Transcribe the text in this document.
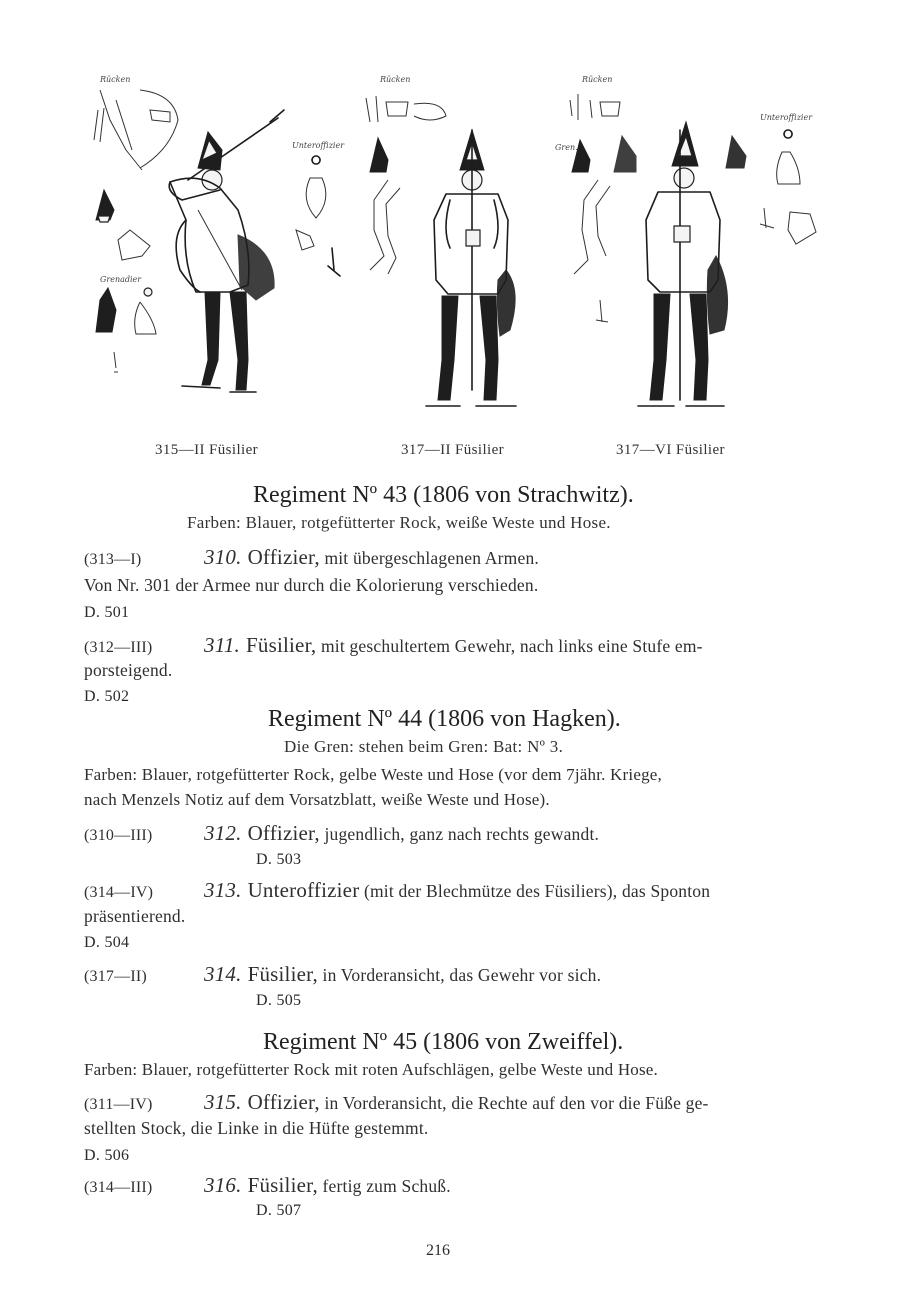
Rücken
Grenadier
Rücken
Unteroffizier
Rücken
Gren.
Unteroffizier
315—II Füsilier	317—II Füsilier	317—VI Füsilier
Regiment Nº 43 (1806 von Strachwitz).
Farben: Blauer, rotgefütterter Rock, weiße Weste und Hose.
(313—I)	310. Offizier, mit übergeschlagenen Armen.
Von Nr. 301 der Armee nur durch die Kolorierung verschieden.
D. 501
(312—III) 311. Füsilier, mit geschultertem Gewehr, nach links eine Stufe em-
porsteigend.
D. 502
Regiment Nº 44 (1806 von Hagken).
Die Gren: stehen beim Gren: Bat: Nº 3.
Farben: Blauer, rotgefütterter Rock, gelbe Weste und Hose (vor dem 7jähr. Kriege,
nach Menzels Notiz auf dem Vorsatzblatt, weiße Weste und Hose).
(310—III) 312. Offizier, jugendlich, ganz nach rechts gewandt.
D. 503
(314—IV) 313. Unteroffizier (mit der Blechmütze des Füsiliers), das Sponton
präsentierend.
D. 504
(317—II)	314. Füsilier, in Vorderansicht, das Gewehr vor sich.
D. 505
Regiment Nº 45 (1806 von Zweiffel).
Farben: Blauer, rotgefütterter Rock mit roten Aufschlägen, gelbe Weste und Hose.
(311—IV) 315. Offizier, in Vorderansicht, die Rechte auf den vor die Füße ge-
stellten Stock, die Linke in die Hüfte gestemmt.
D. 506
(314—III) 316. Füsilier, fertig zum Schuß.
D. 507
216
